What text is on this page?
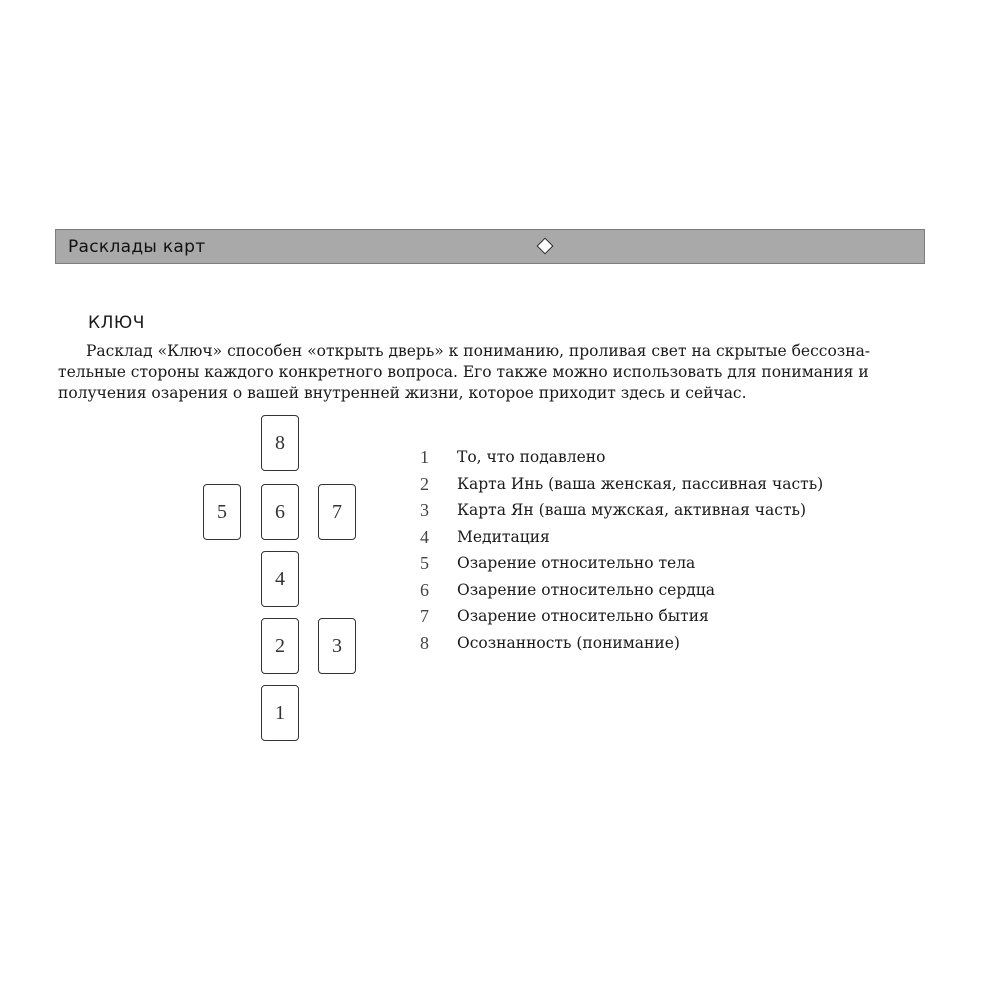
Расклады карт
КЛЮЧ

Расклад «Ключ» способен «открыть дверь» к пониманию, проливая свет на скрытые бессозна-
тельные стороны каждого конкретного вопроса. Его также можно использовать для понимания и
получения озарения о вашей внутренней жизни, которое приходит здесь и сейчас.

8
5	6	7
4
2	3
1
1	То, что подавлено
2	Карта Инь (ваша женская, пассивная часть)
3	Карта Ян (ваша мужская, активная часть)
4	Медитация
5	Озарение относительно тела
6	Озарение относительно сердца
7	Озарение относительно бытия
8	Осознанность (понимание)
